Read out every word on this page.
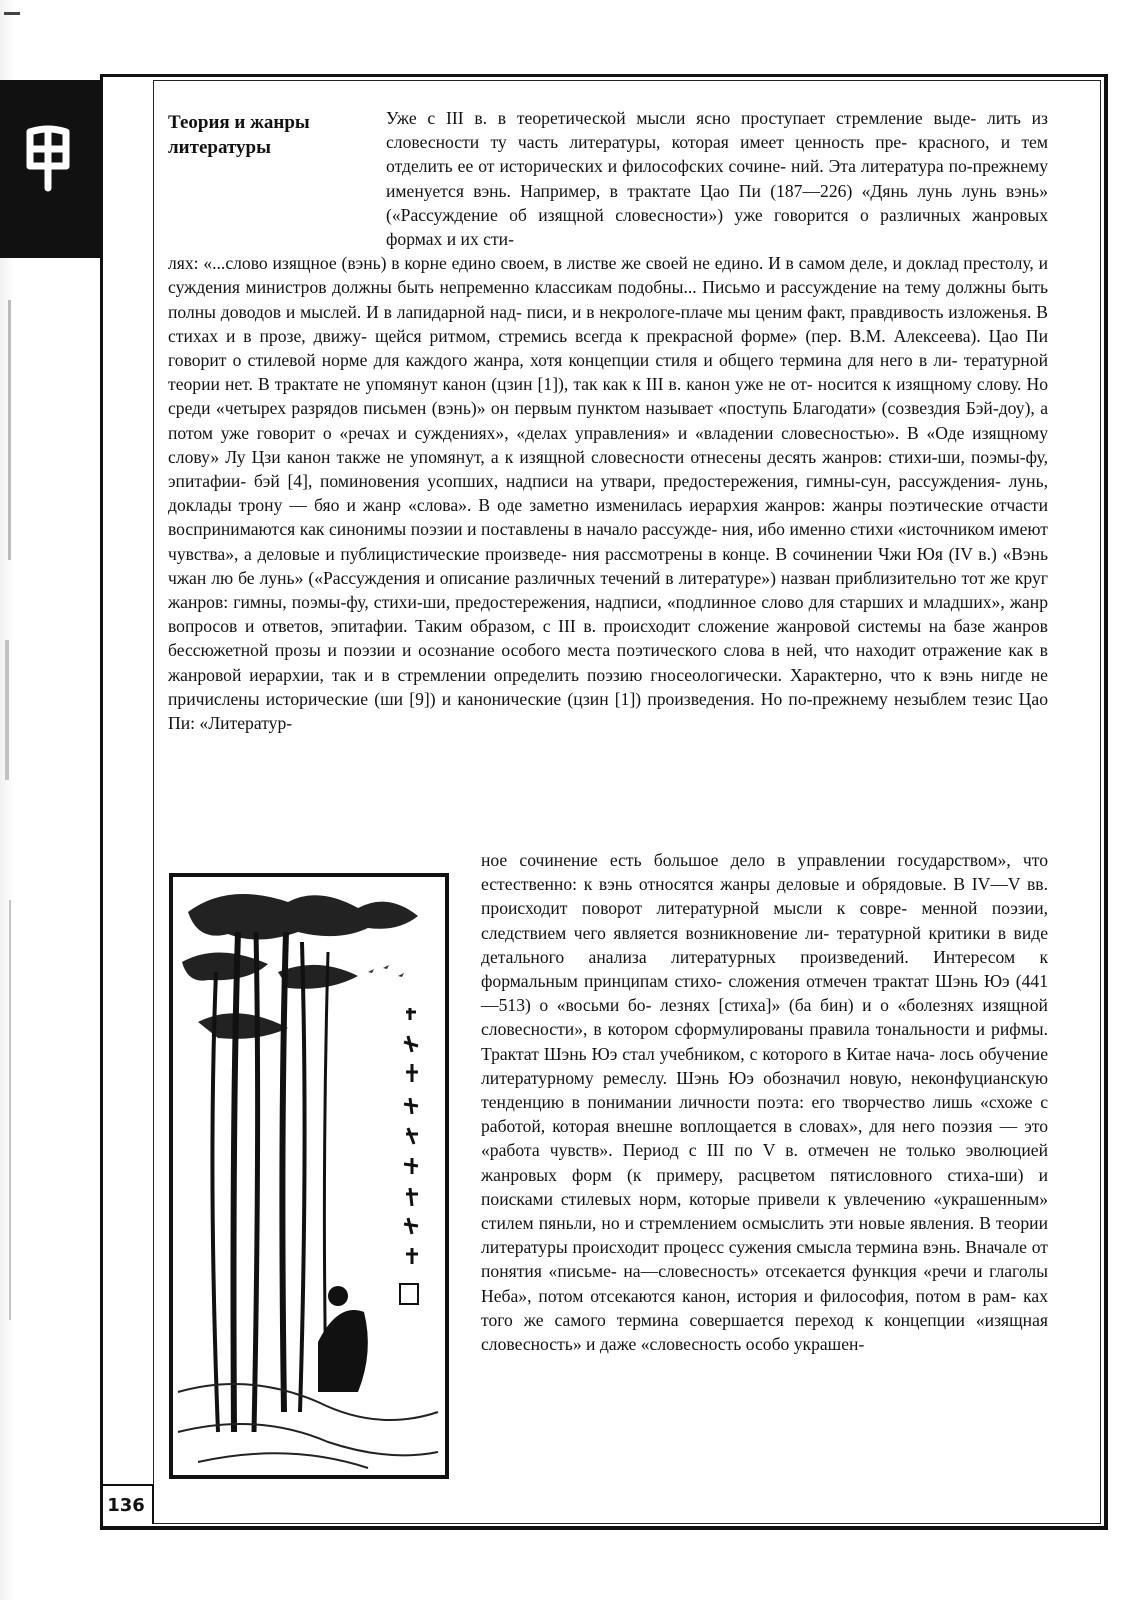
136
Теория и жанры
литературы

Уже с III в. в теоретической мысли ясно проступает стремление выде- лить из словесности ту часть литературы, которая имеет ценность пре- красного, и тем отделить ее от исторических и философских сочине- ний. Эта литература по-прежнему именуется вэнь. Например, в трактате Цао Пи (187—226) «Дянь лунь лунь вэнь» («Рассуждение об изящной словесности») уже говорится о различных жанровых формах и их сти-

лях: «...слово изящное (вэнь) в корне едино своем, в листве же своей не едино. И в самом деле, и доклад престолу, и суждения министров должны быть непременно классикам подобны... Письмо и рассуждение на тему должны быть полны доводов и мыслей. И в лапидарной над- писи, и в некрологе-плаче мы ценим факт, правдивость изложенья. В стихах и в прозе, движу- щейся ритмом, стремись всегда к прекрасной форме» (пер. В.М. Алексеева). Цао Пи говорит о стилевой норме для каждого жанра, хотя концепции стиля и общего термина для него в ли- тературной теории нет. В трактате не упомянут канон (цзин [1]), так как к III в. канон уже не от- носится к изящному слову. Но среди «четырех разрядов письмен (вэнь)» он первым пунктом называет «поступь Благодати» (созвездия Бэй-доу), а потом уже говорит о «речах и суждениях», «делах управления» и «владении словесностью». В «Оде изящному слову» Лу Цзи канон также не упомянут, а к изящной словесности отнесены десять жанров: стихи-ши, поэмы-фу, эпитафии- бэй [4], поминовения усопших, надписи на утвари, предостережения, гимны-сун, рассуждения- лунь, доклады трону — бяо и жанр «слова». В оде заметно изменилась иерархия жанров: жанры поэтические отчасти воспринимаются как синонимы поэзии и поставлены в начало рассужде- ния, ибо именно стихи «источником имеют чувства», а деловые и публицистические произведе- ния рассмотрены в конце. В сочинении Чжи Юя (IV в.) «Вэнь чжан лю бе лунь» («Рассуждения и описание различных течений в литературе») назван приблизительно тот же круг жанров: гимны, поэмы-фу, стихи-ши, предостережения, надписи, «подлинное слово для старших и младших», жанр вопросов и ответов, эпитафии. Таким образом, с III в. происходит сложение жанровой системы на базе жанров бессюжетной прозы и поэзии и осознание особого места поэтического слова в ней, что находит отражение как в жанровой иерархии, так и в стремлении определить поэзию гносеологически. Характерно, что к вэнь нигде не причислены исторические (ши [9]) и канонические (цзин [1]) произведения. Но по-прежнему незыблем тезис Цао Пи: «Литератур-

ное сочинение есть большое дело в управлении государством», что естественно: к вэнь относятся жанры деловые и обрядовые. В IV—V вв. происходит поворот литературной мысли к совре- менной поэзии, следствием чего является возникновение ли- тературной критики в виде детального анализа литературных произведений. Интересом к формальным принципам стихо- сложения отмечен трактат Шэнь Юэ (441—513) о «восьми бо- лезнях [стиха]» (ба бин) и о «болезнях изящной словесности», в котором сформулированы правила тональности и рифмы. Трактат Шэнь Юэ стал учебником, с которого в Китае нача- лось обучение литературному ремеслу. Шэнь Юэ обозначил новую, неконфуцианскую тенденцию в понимании личности поэта: его творчество лишь «схоже с работой, которая внешне воплощается в словах», для него поэзия — это «работа чувств». Период с III по V в. отмечен не только эволюцией жанровых форм (к примеру, расцветом пятисловного стиха-ши) и поисками стилевых норм, которые привели к увлечению «украшенным» стилем пяньли, но и стремлением осмыслить эти новые явления. В теории литературы происходит процесс сужения смысла термина вэнь. Вначале от понятия «письме- на—словесность» отсекается функция «речи и глаголы Неба», потом отсекаются канон, история и философия, потом в рам- ках того же самого термина совершается переход к концепции «изящная словесность» и даже «словесность особо украшен-
